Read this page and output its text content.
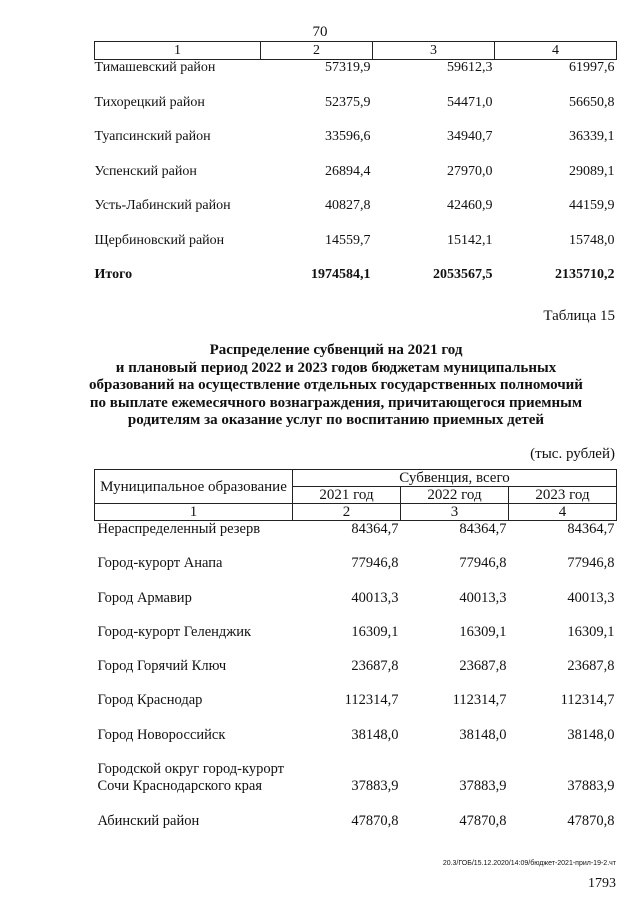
70
1	2	3	4
Тимашевский район	57319,9	59612,3	61997,6
Тихорецкий район	52375,9	54471,0	56650,8
Туапсинский район	33596,6	34940,7	36339,1
Успенский район	26894,4	27970,0	29089,1
Усть-Лабинский район	40827,8	42460,9	44159,9
Щербиновский район	14559,7	15142,1	15748,0
Итого	1974584,1	2053567,5	2135710,2
Таблица 15
Распределение субвенций на 2021 год
и плановый период 2022 и 2023 годов бюджетам муниципальных
образований на осуществление отдельных государственных полномочий
по выплате ежемесячного вознаграждения, причитающегося приемным
родителям за оказание услуг по воспитанию приемных детей
(тыс. рублей)
Муниципальное образование	Субвенция, всего		
	2021 год	2022 год	2023 год
1	2	3	4
Нераспределенный резерв	84364,7	84364,7	84364,7
Город-курорт Анапа	77946,8	77946,8	77946,8
Город Армавир	40013,3	40013,3	40013,3
Город-курорт Геленджик	16309,1	16309,1	16309,1
Город Горячий Ключ	23687,8	23687,8	23687,8
Город Краснодар	112314,7	112314,7	112314,7
Город Новороссийск	38148,0	38148,0	38148,0

Городской округ город-курорт
Сочи Краснодарского края	37883,9	37883,9	37883,9
Абинский район	47870,8	47870,8	47870,8
20.3/ГОБ/15.12.2020/14:09/бюджет-2021-прил-19-2.чт
1793
